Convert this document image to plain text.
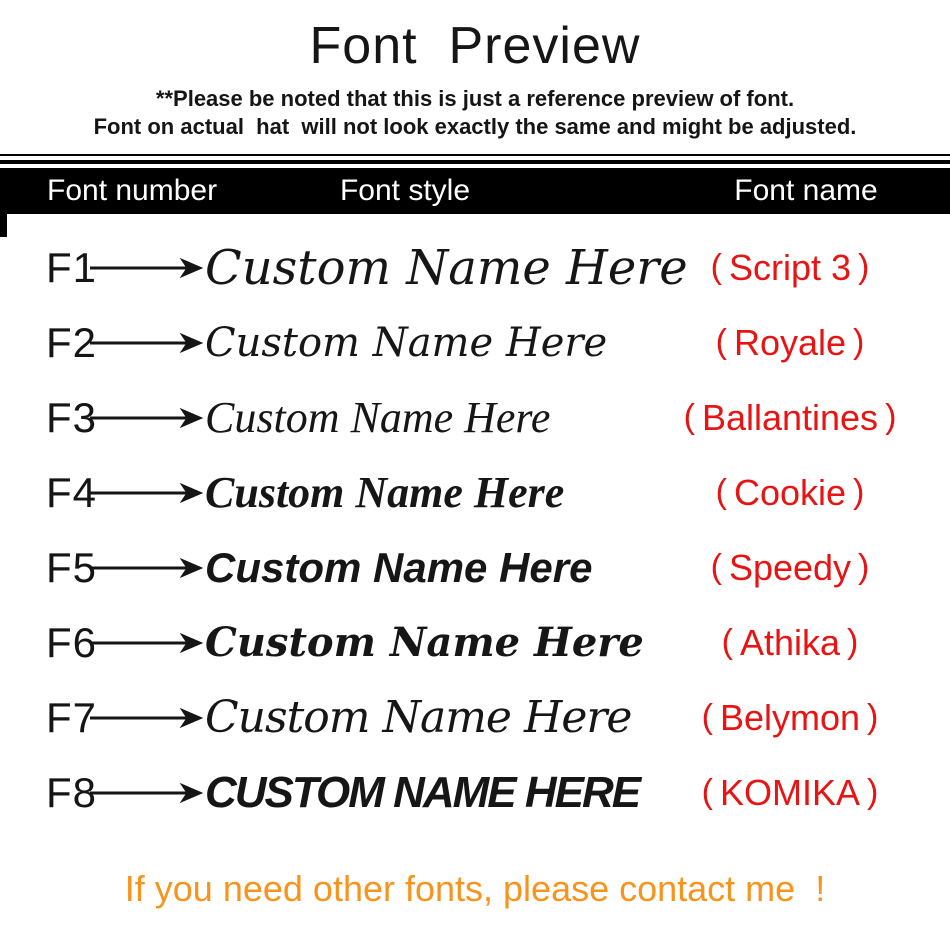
Font  Preview
**Please be noted that this is just a reference preview of font.
Font on actual  hat  will not look exactly the same and might be adjusted.
Font number	Font style	Font name
F1 Custom Name Here ( Script 3 )
F2	Custom Name Here	( Royale )
F3 Custom Name Here	( Ballantines )
F4 Custom Name Here	( Cookie )
F5	Custom Name Here	( Speedy )
F6	Custom Name Here ( Athika )
F7 Custom Name Here ( Belymon )
F8 CUSTOM NAME HERE ( KOMIKA )
If you need other fonts, please contact me  !
